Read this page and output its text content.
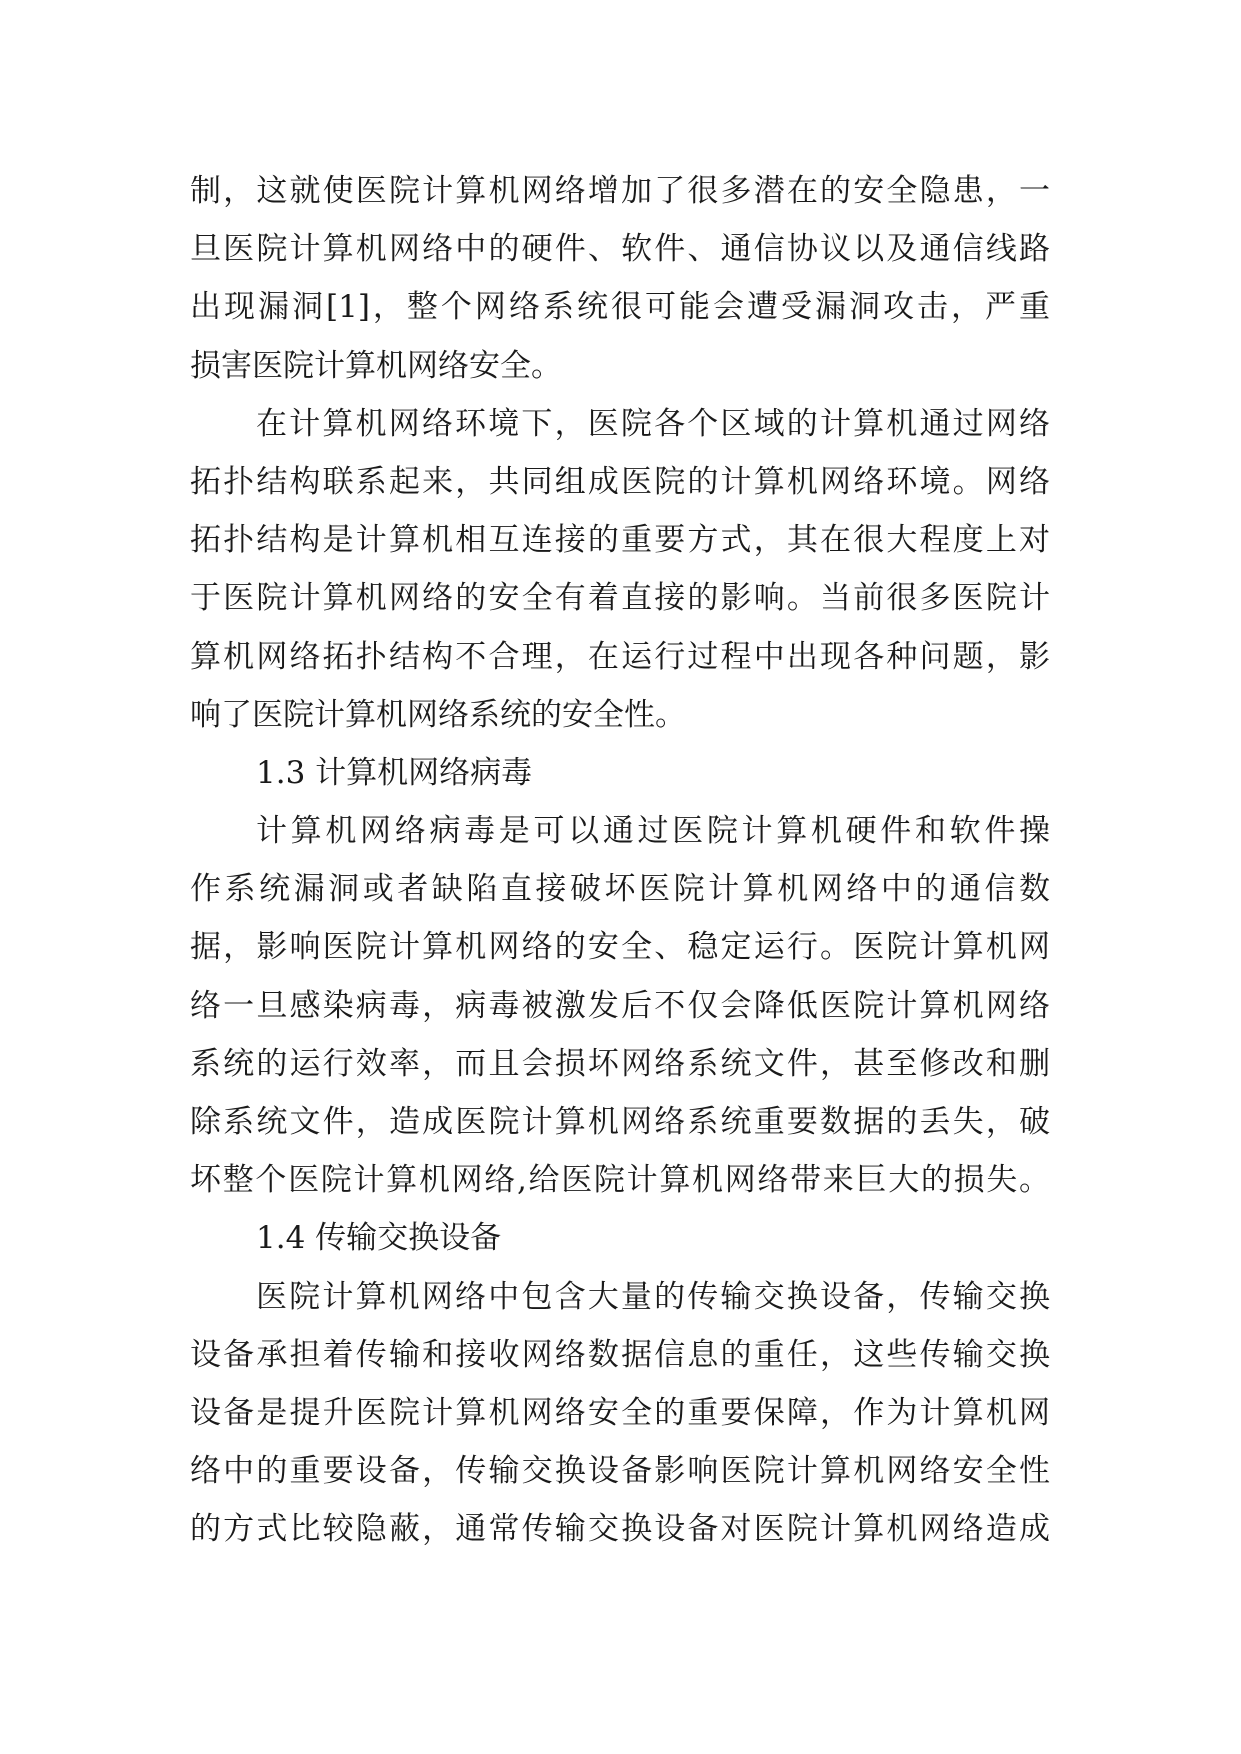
制，这就使医院计算机网络增加了很多潜在的安全隐患，一
旦医院计算机网络中的硬件、软件、通信协议以及通信线路
出现漏洞[1]，整个网络系统很可能会遭受漏洞攻击，严重
损害医院计算机网络安全。
在计算机网络环境下，医院各个区域的计算机通过网络
拓扑结构联系起来，共同组成医院的计算机网络环境。网络
拓扑结构是计算机相互连接的重要方式，其在很大程度上对
于医院计算机网络的安全有着直接的影响。当前很多医院计
算机网络拓扑结构不合理，在运行过程中出现各种问题，影
响了医院计算机网络系统的安全性。
1.3 计算机网络病毒
计算机网络病毒是可以通过医院计算机硬件和软件操
作系统漏洞或者缺陷直接破坏医院计算机网络中的通信数
据，影响医院计算机网络的安全、稳定运行。医院计算机网
络一旦感染病毒，病毒被激发后不仅会降低医院计算机网络
系统的运行效率，而且会损坏网络系统文件，甚至修改和删
除系统文件，造成医院计算机网络系统重要数据的丢失，破
坏整个医院计算机网络,给医院计算机网络带来巨大的损失。
1.4 传输交换设备
医院计算机网络中包含大量的传输交换设备，传输交换
设备承担着传输和接收网络数据信息的重任，这些传输交换
设备是提升医院计算机网络安全的重要保障，作为计算机网
络中的重要设备，传输交换设备影响医院计算机网络安全性
的方式比较隐蔽，通常传输交换设备对医院计算机网络造成
